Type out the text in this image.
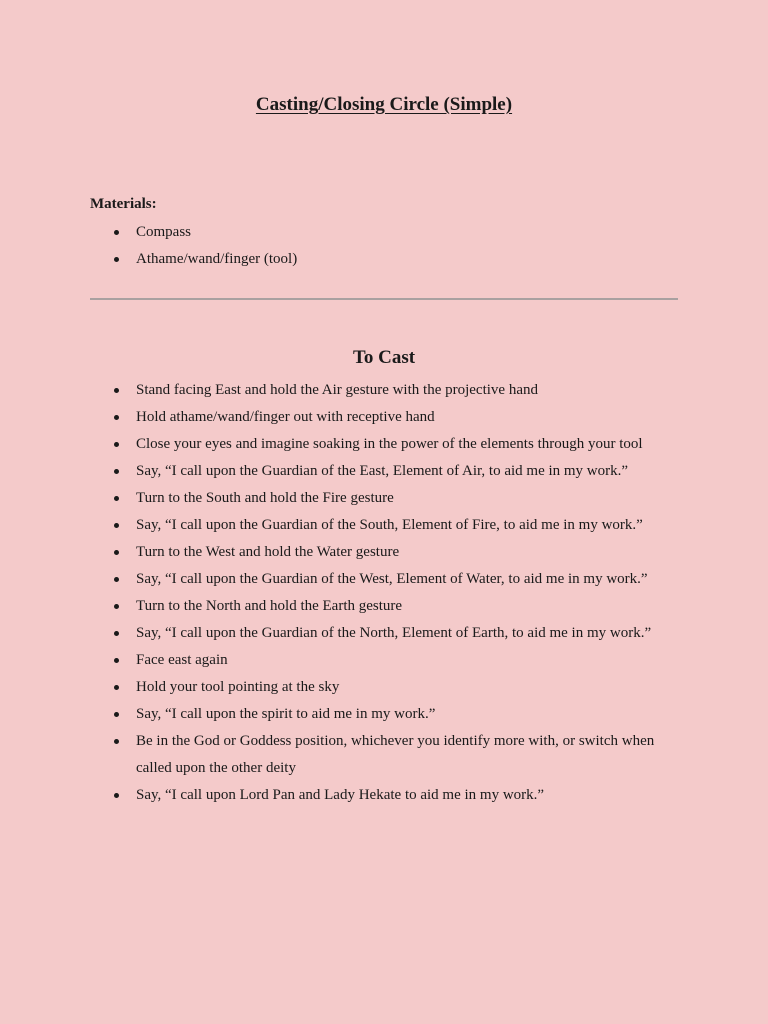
Casting/Closing Circle (Simple)

Materials:

Compass
Athame/wand/finger (tool)
To Cast
Stand facing East and hold the Air gesture with the projective hand
Hold athame/wand/finger out with receptive hand
Close your eyes and imagine soaking in the power of the elements through your tool
Say, “I call upon the Guardian of the East, Element of Air, to aid me in my work.”
Turn to the South and hold the Fire gesture
Say, “I call upon the Guardian of the South, Element of Fire, to aid me in my work.”
Turn to the West and hold the Water gesture
Say, “I call upon the Guardian of the West, Element of Water, to aid me in my work.”
Turn to the North and hold the Earth gesture
Say, “I call upon the Guardian of the North, Element of Earth, to aid me in my work.”
Face east again
Hold your tool pointing at the sky
Say, “I call upon the spirit to aid me in my work.”
Be in the God or Goddess position, whichever you identify more with, or switch when called upon the other deity
Say, “I call upon Lord Pan and Lady Hekate to aid me in my work.”
